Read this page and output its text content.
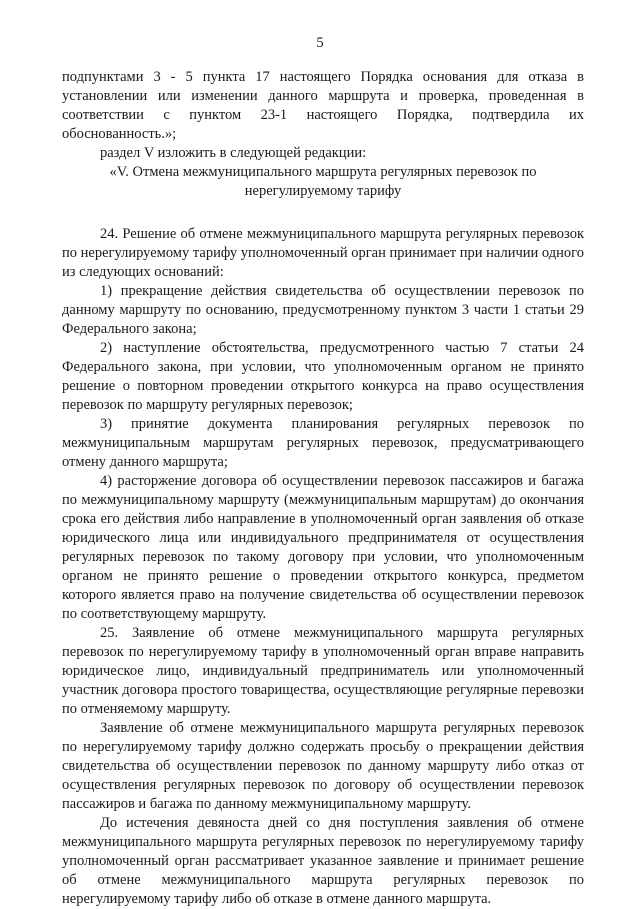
5

подпунктами 3 - 5 пункта 17 настоящего Порядка основания для отказа в установлении или изменении данного маршрута и проверка, проведенная в соответствии с пунктом 23-1 настоящего Порядка, подтвердила их обоснованность.»;

раздел V изложить в следующей редакции:

«V. Отмена межмуниципального маршрута регулярных перевозок по нерегулируемому тарифу

24. Решение об отмене межмуниципального маршрута регулярных перевозок по нерегулируемому тарифу уполномоченный орган принимает при наличии одного из следующих оснований:

1) прекращение действия свидетельства об осуществлении перевозок по данному маршруту по основанию, предусмотренному пунктом 3 части 1 статьи 29 Федерального закона;

2) наступление обстоятельства, предусмотренного частью 7 статьи 24 Федерального закона, при условии, что уполномоченным органом не принято решение о повторном проведении открытого конкурса на право осуществления перевозок по маршруту регулярных перевозок;

3) принятие документа планирования регулярных перевозок по межмуниципальным маршрутам регулярных перевозок, предусматривающего отмену данного маршрута;

4) расторжение договора об осуществлении перевозок пассажиров и багажа по межмуниципальному маршруту (межмуниципальным маршрутам) до окончания срока его действия либо направление в уполномоченный орган заявления об отказе юридического лица или индивидуального предпринимателя от осуществления регулярных перевозок по такому договору при условии, что уполномоченным органом не принято решение о проведении открытого конкурса, предметом которого является право на получение свидетельства об осуществлении перевозок по соответствующему маршруту.

25. Заявление об отмене межмуниципального маршрута регулярных перевозок по нерегулируемому тарифу в уполномоченный орган вправе направить юридическое лицо, индивидуальный предприниматель или уполномоченный участник договора простого товарищества, осуществляющие регулярные перевозки по отменяемому маршруту.

Заявление об отмене межмуниципального маршрута регулярных перевозок по нерегулируемому тарифу должно содержать просьбу о прекращении действия свидетельства об осуществлении перевозок по данному маршруту либо отказ от осуществления регулярных перевозок по договору об осуществлении перевозок пассажиров и багажа по данному межмуниципальному маршруту.

До истечения девяноста дней со дня поступления заявления об отмене межмуниципального маршрута регулярных перевозок по нерегулируемому тарифу уполномоченный орган рассматривает указанное заявление и принимает решение об отмене межмуниципального маршрута регулярных перевозок по нерегулируемому тарифу либо об отказе в отмене данного маршрута.
